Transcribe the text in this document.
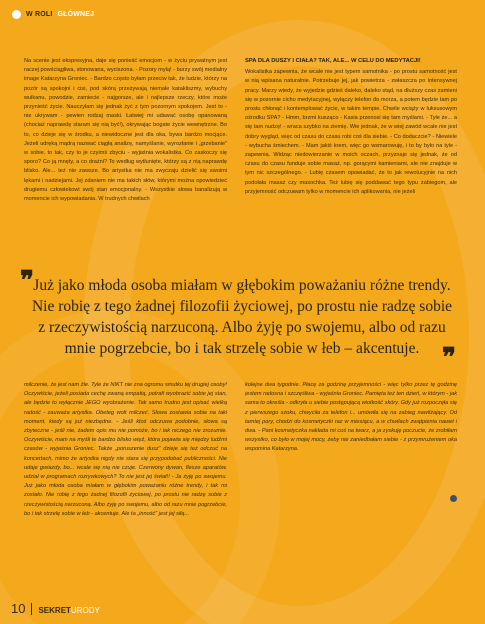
W ROLI GŁÓWNEJ

Na scenie jest ekspresyjna, daje się ponieść emocjom - w życiu prywatnym jest raczej powściągliwa, stonowana, wyciszona. - Pozory mylą! - burzy swój medialny image Katarzyna Groniec. - Bardzo często byłam przeciw tak, że ludzie, którzy na pozór są spokojni i cisi, pod skórą przeżywają niemałe katakliszmy, wybuchy wulkanu, powodzie, zamiecie - najgorsze, ale i najlepsze rzeczy, które może przynieść życie. Nauczyłam się jednak żyć z tym pozornym spokojem. Jest to - nie ukrywam - pewien rodzaj maski. Łatwiej mi udawać osobę opanowaną (chociaż naprawdę staram się nią być!), okrywając bogate życie wewnętrzne. Bo to, co dzieje się w środku, a niewidoczne jest dla oka, bywa bardzo mocjące. Jeżeli udręką mądrą nazwać ciągłą analizę, namyślanie, wyrozłanie i „grzebanie” w sobie, to tak, czy to je czyimś zbyciu - wyjaśnia wokalistka. Co zaskoczy się sporo? Co ją mnęty, a co drażni? To według wytłunięte, którzy są z nią naprawdę blisko. Ale... też nie zawsze. Bo artystka nie ma zwyczaju dzielić się swoimi lękami i nadziejami. Jej zdaniem nie ma takich słów, którymi można opowiedzieć drugiemu człowiekowi swój stan emocjonalny. - Wszystkie słowa banalizują w momencie ich wypowiadania. W trudnych chwilach

SPA DLA DUSZY I CIAŁA? TAK, ALE... W CELU DO MEDYTACJI!

Wokalistka zapewnia, że wcale nie jest typem samotnika - po prostu samotność jest w nią wpisana naturalnie. Potrzebuje jej, jak powietrza - zwłaszcza po intensywnej pracy. Marzy wtedy, że wyjedzie gdzieś daleko, daleko stąd, na dłuższy czas zamieni się w pozornie cicho medytacyjnej, wyłączy telefon do morza, a potem będzie tam po prostu chłonąć i kontemplować życie, w takim tempie. Chwile wciąży w luksusowym ośrodku SPA? - Hmm, brzmi kusząco - Kasia przenosi się tam myślami. - Tyle że... a się tam nudzę! - wraca szybko na ziemię. Wie jednak, że w wiej zawód wcale nie jest dobry wygląd, więc od czasu do czasu robi coś dla siebie. - Co dodaczcie? - Niewiele - wybucha śmiechem. - Mam jakiś krem, więc go wsmarowuję, i to by było na tyle - zapewnia. Widząc niedowierzanie w moich oczach, przyznaje się jednak, że od czasu do czasu funduje sobie masaż, np. gorącymi kamieniami, ale nie znajduje w tym nic szczególnego. - Lubię czasem opowiadać, że to jak rewolucyjnie na nich podolała masaż czy masochka. Też lubię się poddawać tego typu zabiegom, ale przyjemność odczuwam tylko w momencie ich aplikowania, nie jeżeli

❞ Już jako młoda osoba miałam w głębokim poważaniu różne trendy. Nie robię z tego żadnej filozofii życiowej, po prostu nie radzę sobie z rzeczywistością narzuconą. Albo żyję po swojemu, albo od razu mnie pogrzebcie, bo i tak strzelę sobie w łeb – akcentuje. ❞

milczenie, że jest nam źle. Tyle że NIKT nie zna ogromu smutku tej drugiej osoby! Oczywiście, jeżeli posiada cechę zwaną empatią, potrafi wyobrazić sobie jej stan, ale będzie to wyłącznie JEGO wyobrażenie. Tak samo trudno jest opisać wielką radość - zauważa artystka. Obeteg wolt milczeć. Słowa zostawia sobie na taki moment, kiedy są już niezbędne. - Jeśli ktoś odczuwa podobnie, słowa są zbyteczne - jeśli nie, żadem opis mu nie pomoże, bo i tak niczego nie zrozumie. Oczywiście, mam na myśli te bardzo blisko więź, która pojawia się między ludźmi czasów - wyjaśnia Groniec. Także „poruszenie dusz” dzieje się też odczuć na koncertach, mimo że artystka nigdy nie stara się przypodobać publiczności. Nie udaje gwiazdy, bo... wcale się nią nie czuje. Czerwony dywan, flesze aparatów, udział w programach rozrywkowych? To nie jest jej świat!! - Ja żyję po swojemu. Już jako młoda osoba miałam w głębokim poważaniu różne trendy, i tak mi zostało. Nie robię z tego żadnej filozofii życiowej, po prostu nie radzę sobie z rzeczywistością narzuconą. Albo żyję po swojemu, albo od razu mnie pogrzebcie, bo i tak strzelę sobie w łeb - akcentuje. Ale ta „inność” jest jej siłą...

kolejne dwa tygodnie. Płacę za godzinę przyjemności - więc tylko przez tę godzinę jestem radosna i szczęśliwa - wyjaśnia Groniec. Pamięta też ten dzień, w którym - jak sama to określa - odkryła u siebie postępującą wiotkość skóry. Gdy już rozpoczęła się z pierwszego szoku, chwyciła za telefon i... umówiła się na zabieg nawilżający. Od tamtej pory, chodzi do kosmetyczki raz w miesiącu, a w chwilach zwątpienia nawet i dwa. - Pani kosmetyczka nakłada mi coś na twarz, a ja zyskuję poczucie, że zrobiłam wszystko, co było w mojej mocy, żeby nie zaniedbałam siebie - z przymrużeniem oka wspomina Katarzyna.

10 SEKRETURODY
